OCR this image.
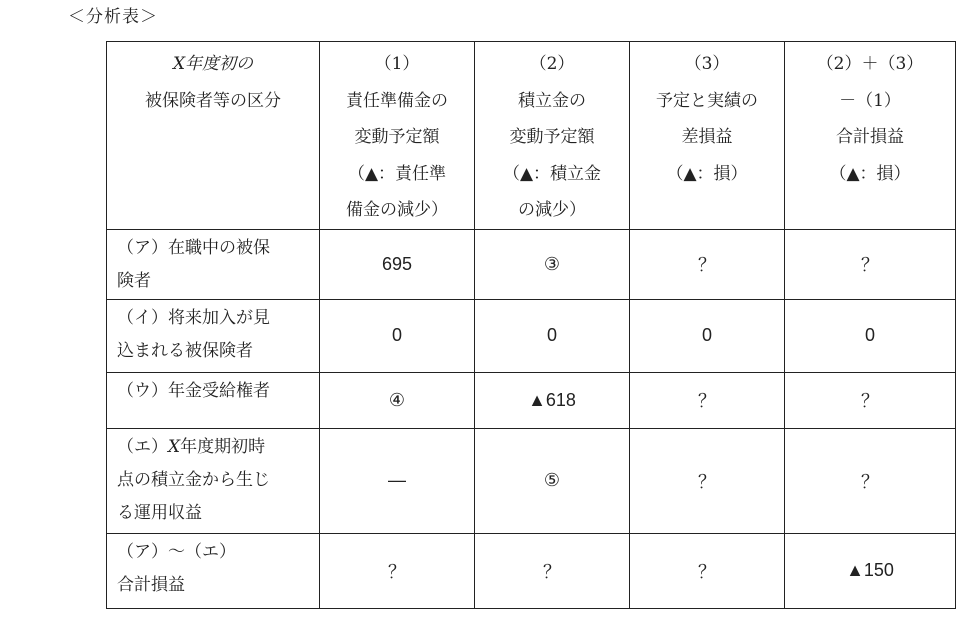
＜分析表＞
X年度初の
被保険者等の区分	（1）
責任準備金の
変動予定額
（▲：責任準
備金の減少）	（2）
積立金の
変動予定額
（▲：積立金
の減少）	（3）
予定と実績の
差損益
（▲：損）	（2）＋（3）
－（1）
合計損益
（▲：損）

（ア）在職中の被保
険者	695	③	？	？

（イ）将来加入が見
込まれる被保険者	0	0	0	0

（ウ）年金受給権者	④	▲618	？	？

（エ）X年度期初時
点の積立金から生じ
る運用収益	―	⑤	？	？

（ア）～（エ）
合計損益	？	？	？	▲150
